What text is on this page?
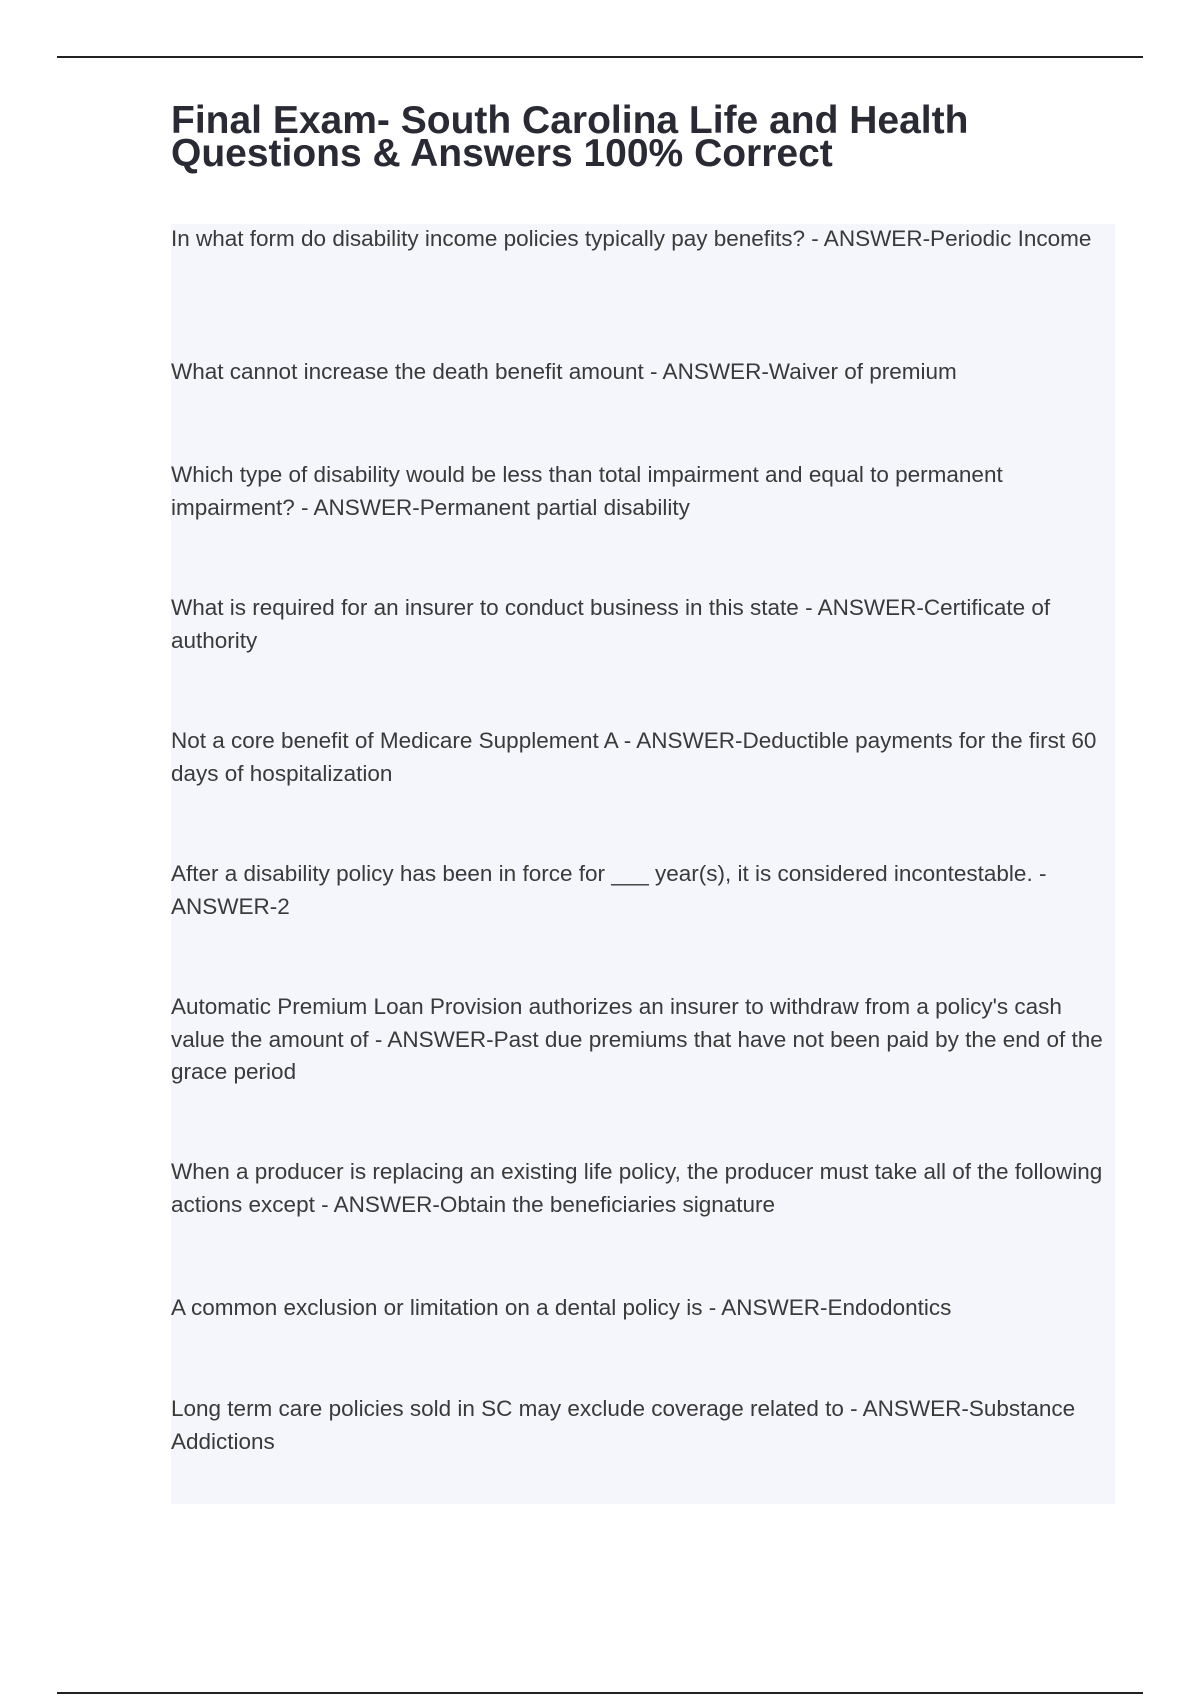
Final Exam- South Carolina Life and Health
Questions & Answers 100% Correct

In what form do disability income policies typically pay benefits? - ANSWER-Periodic Income

What cannot increase the death benefit amount - ANSWER-Waiver of premium

Which type of disability would be less than total impairment and equal to permanent impairment? - ANSWER-Permanent partial disability

What is required for an insurer to conduct business in this state - ANSWER-Certificate of authority

Not a core benefit of Medicare Supplement A - ANSWER-Deductible payments for the first 60 days of hospitalization

After a disability policy has been in force for ___ year(s), it is considered incontestable. - ANSWER-2

Automatic Premium Loan Provision authorizes an insurer to withdraw from a policy's cash value the amount of - ANSWER-Past due premiums that have not been paid by the end of the grace period

When a producer is replacing an existing life policy, the producer must take all of the following actions except - ANSWER-Obtain the beneficiaries signature

A common exclusion or limitation on a dental policy is - ANSWER-Endodontics

Long term care policies sold in SC may exclude coverage related to - ANSWER-Substance Addictions
